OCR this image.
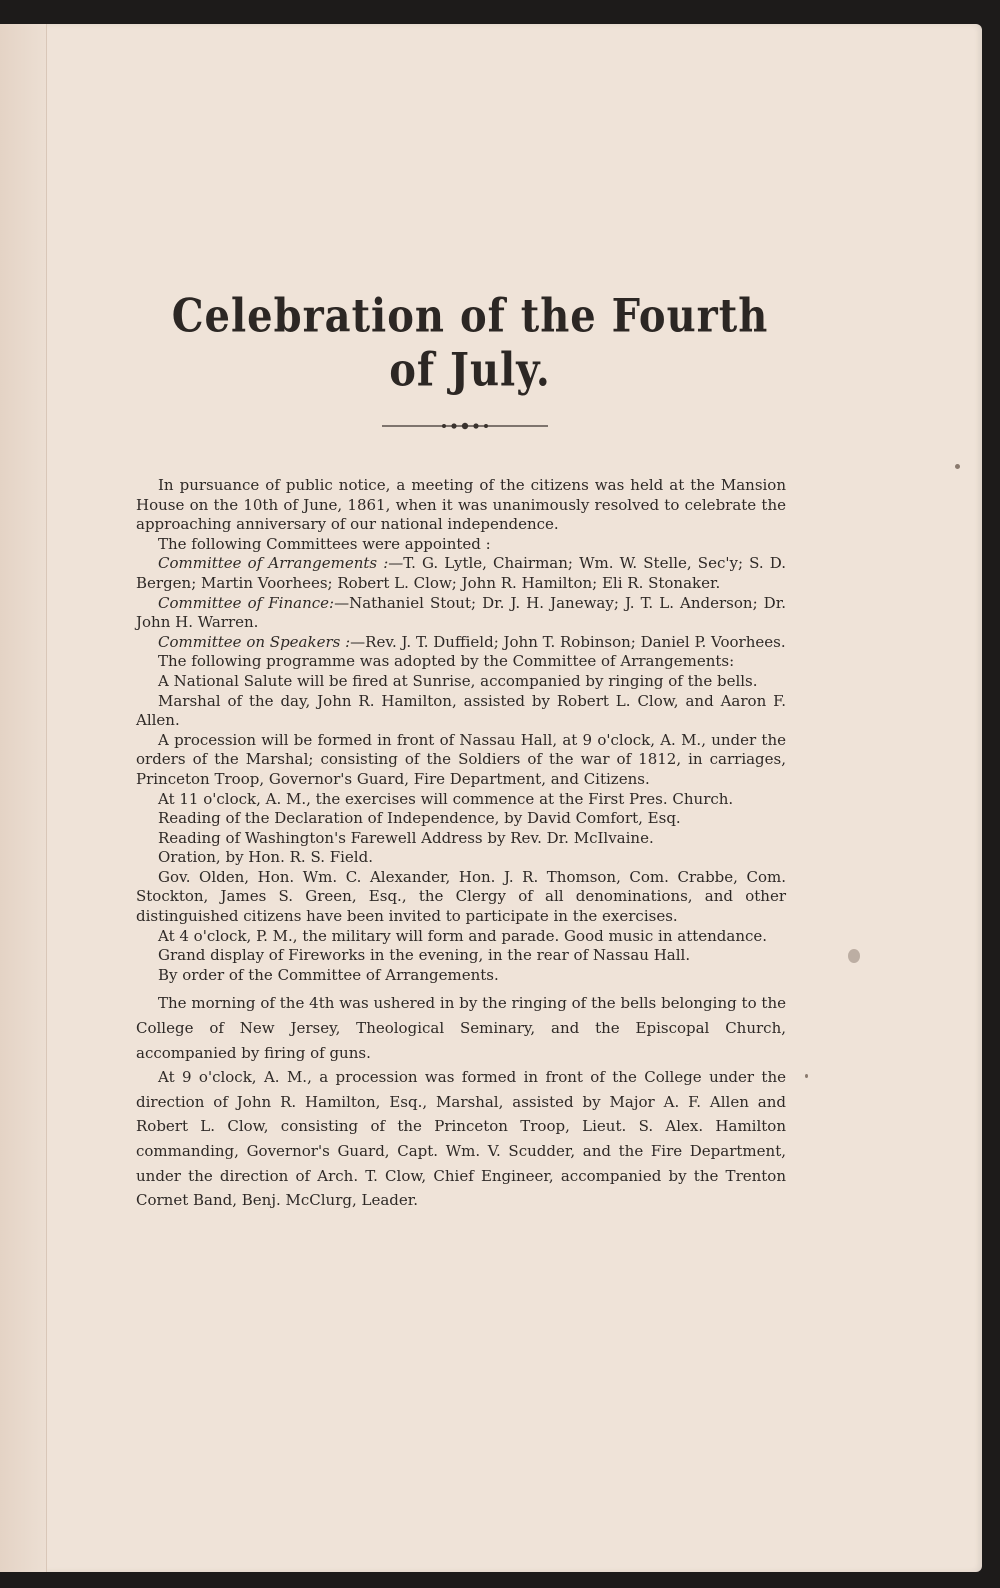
Celebration of the Fourth of July.

In pursuance of public notice, a meeting of the citizens was held at the Mansion House on the 10th of June, 1861, when it was unanimously resolved to celebrate the approaching anniversary of our national independence.

The following Committees were appointed :

Committee of Arrangements :—T. G. Lytle, Chairman; Wm. W. Stelle, Sec'y; S. D. Bergen; Martin Voorhees; Robert L. Clow; John R. Hamilton; Eli R. Stonaker.

Committee of Finance:—Nathaniel Stout; Dr. J. H. Janeway; J. T. L. Anderson; Dr. John H. Warren.

Committee on Speakers :—Rev. J. T. Duffield; John T. Robinson; Daniel P. Voorhees.

The following programme was adopted by the Committee of Arrangements:

A National Salute will be fired at Sunrise, accompanied by ringing of the bells.

Marshal of the day, John R. Hamilton, assisted by Robert L. Clow, and Aaron F. Allen.

A procession will be formed in front of Nassau Hall, at 9 o'clock, A. M., under the orders of the Marshal; consisting of the Soldiers of the war of 1812, in carriages, Princeton Troop, Governor's Guard, Fire Department, and Citizens.

At 11 o'clock, A. M., the exercises will commence at the First Pres. Church.

Reading of the Declaration of Independence, by David Comfort, Esq.

Reading of Washington's Farewell Address by Rev. Dr. McIlvaine.

Oration, by Hon. R. S. Field.

Gov. Olden, Hon. Wm. C. Alexander, Hon. J. R. Thomson, Com. Crabbe, Com. Stockton, James S. Green, Esq., the Clergy of all denominations, and other distinguished citizens have been invited to participate in the exercises.

At 4 o'clock, P. M., the military will form and parade. Good music in attendance.

Grand display of Fireworks in the evening, in the rear of Nassau Hall.

By order of the Committee of Arrangements.

The morning of the 4th was ushered in by the ringing of the bells belonging to the College of New Jersey, Theological Seminary, and the Episcopal Church, accompanied by firing of guns.

At 9 o'clock, A. M., a procession was formed in front of the College under the direction of John R. Hamilton, Esq., Marshal, assisted by Major A. F. Allen and Robert L. Clow, consisting of the Princeton Troop, Lieut. S. Alex. Hamilton commanding, Governor's Guard, Capt. Wm. V. Scudder, and the Fire Department, under the direction of Arch. T. Clow, Chief Engineer, accompanied by the Trenton Cornet Band, Benj. McClurg, Leader.
